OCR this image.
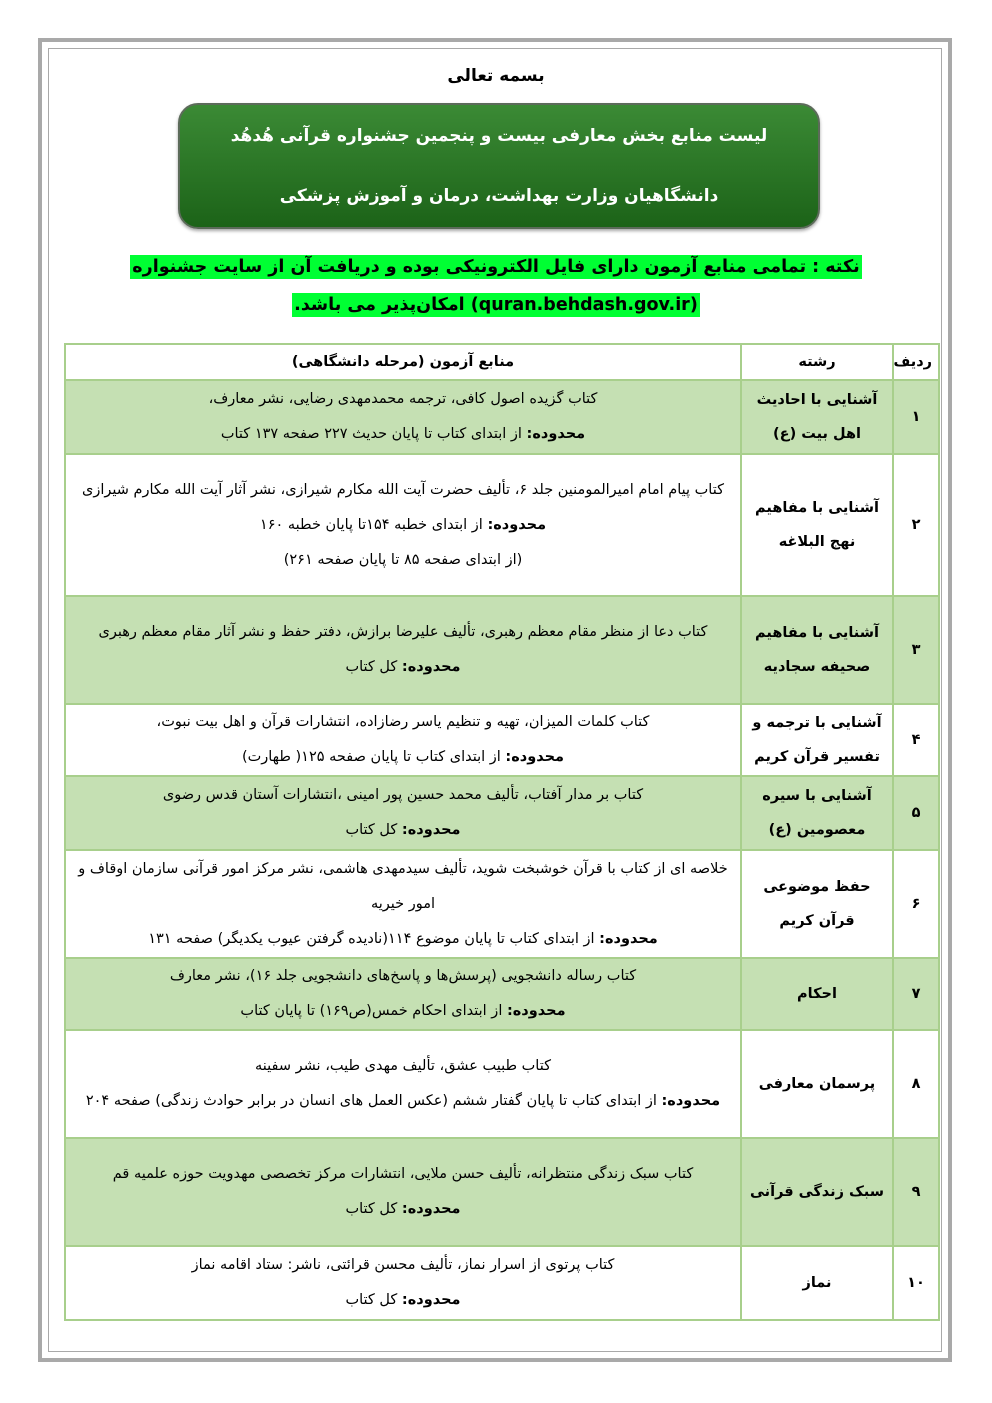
بسمه تعالی
لیست منابع بخش معارفی بیست و پنجمین جشنواره قرآنی هُدهُد
دانشگاهیان وزارت بهداشت، درمان و آموزش پزشکی
نکته : تمامی منابع آزمون دارای فایل الکترونیکی بوده و دریافت آن از سایت جشنواره
(quran.behdash.gov.ir) امکان‌پذیر می باشد.
ردیف	رشته	منابع آزمون (مرحله دانشگاهی)
۱	آشنایی با احادیث اهل بیت (ع)	کتاب گزیده اصول کافی، ترجمه محمدمهدی رضایی، نشر معارف،
محدوده: از ابتدای کتاب تا پایان حدیث ۲۲۷ صفحه ۱۳۷ کتاب

۲	آشنایی با مفاهیم نهج البلاغه	کتاب پیام امام امیرالمومنین جلد ۶، تألیف حضرت آیت الله مکارم شیرازی، نشر آثار آیت الله مکارم شیرازی
محدوده: از ابتدای خطبه ۱۵۴تا پایان خطبه ۱۶۰
(از ابتدای صفحه ۸۵ تا پایان صفحه ۲۶۱)

۳	آشنایی با مفاهیم صحیفه سجادیه	کتاب دعا از منظر مقام معظم رهبری، تألیف علیرضا برازش، دفتر حفظ و نشر آثار مقام معظم رهبری
محدوده: کل کتاب

۴	آشنایی با ترجمه و تفسیر قرآن کریم	کتاب کلمات المیزان، تهیه و تنظیم یاسر رضازاده، انتشارات قرآن و اهل بیت نبوت،
محدوده: از ابتدای کتاب تا پایان صفحه ۱۲۵( طهارت)

۵	آشنایی با سیره معصومین (ع)	کتاب بر مدار آفتاب، تألیف محمد حسین پور امینی ،انتشارات آستان قدس رضوی
محدوده: کل کتاب

۶	حفظ موضوعی قرآن کریم	خلاصه ای از کتاب با قرآن خوشبخت شوید، تألیف سیدمهدی هاشمی، نشر مرکز امور قرآنی سازمان اوقاف و امور خیریه
محدوده: از ابتدای کتاب تا پایان موضوع ۱۱۴(نادیده گرفتن عیوب یکدیگر) صفحه ۱۳۱

۷	احکام	کتاب رساله دانشجویی (پرسش‌ها و پاسخ‌های دانشجویی جلد ۱۶)، نشر معارف
محدوده: از ابتدای احکام خمس(ص۱۶۹) تا پایان کتاب

۸	پرسمان معارفی	کتاب طبیب عشق، تألیف مهدی طیب، نشر سفینه
محدوده: از ابتدای کتاب تا پایان گفتار ششم (عکس العمل های انسان در برابر حوادث زندگی) صفحه ۲۰۴

۹	سبک زندگی قرآنی	کتاب سبک زندگی منتظرانه، تألیف حسن ملایی، انتشارات مرکز تخصصی مهدویت حوزه علمیه قم
محدوده: کل کتاب

۱۰	نماز	کتاب پرتوی از اسرار نماز، تألیف محسن قرائتی، ناشر: ستاد اقامه نماز
محدوده: کل کتاب
